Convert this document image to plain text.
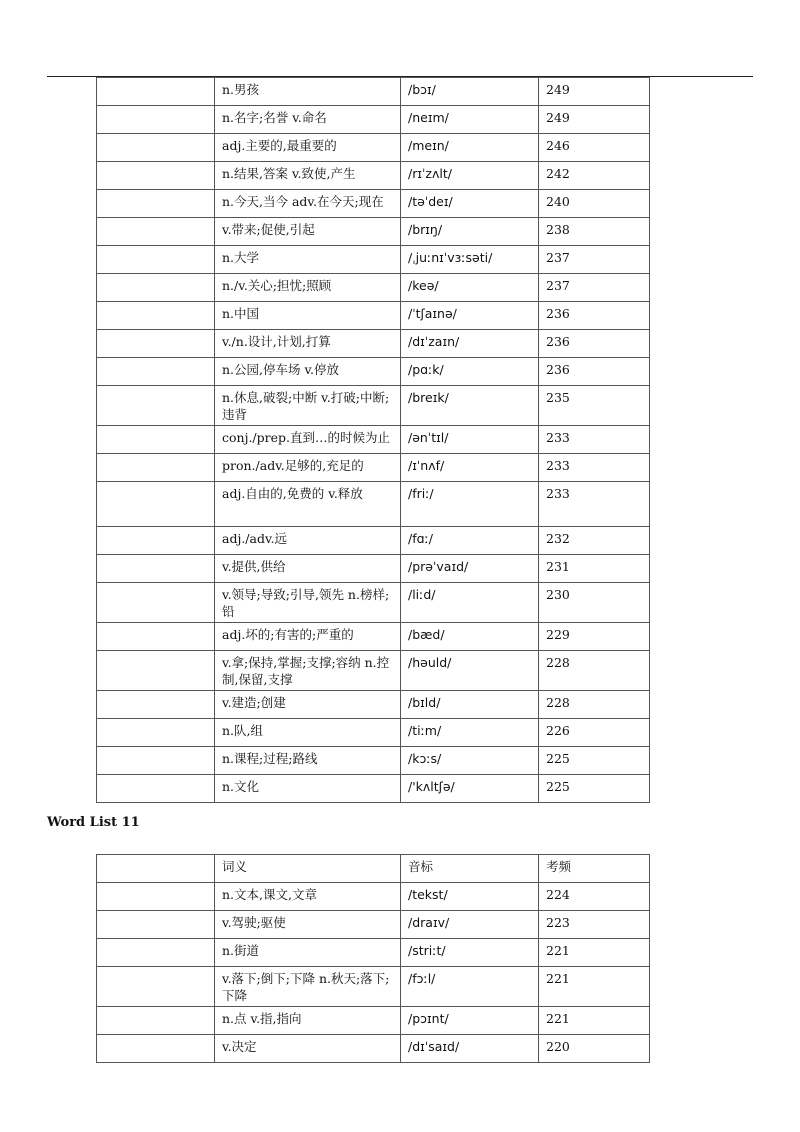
	n.男孩	/bɔɪ/	249
	n.名字;名誉 v.命名	/neɪm/	249
	adj.主要的,最重要的	/meɪn/	246
	n.结果,答案 v.致使,产生	/rɪˈzʌlt/	242
	n.今天,当今 adv.在今天;现在	/təˈdeɪ/	240
	v.带来;促使,引起	/brɪŋ/	238
	n.大学	/ˌjuːnɪˈvɜːsəti/	237
	n./v.关心;担忧;照顾	/keə/	237
	n.中国	/ˈtʃaɪnə/	236
	v./n.设计,计划,打算	/dɪˈzaɪn/	236
	n.公园,停车场 v.停放	/pɑːk/	236
	n.休息,破裂;中断 v.打破;中断;违背	/breɪk/	235
	conj./prep.直到…的时候为止	/ənˈtɪl/	233
	pron./adv.足够的,充足的	/ɪˈnʌf/	233
	adj.自由的,免费的 v.释放	/friː/	233
	adj./adv.远	/fɑː/	232
	v.提供,供给	/prəˈvaɪd/	231
	v.领导;导致;引导,领先 n.榜样;铅	/liːd/	230
	adj.坏的;有害的;严重的	/bæd/	229
	v.拿;保持,掌握;支撑;容纳 n.控制,保留,支撑	/həuld/	228
	v.建造;创建	/bɪld/	228
	n.队,组	/tiːm/	226
	n.课程;过程;路线	/kɔːs/	225
	n.文化	/'kʌltʃə/	225
Word List 11
	词义	音标	考频
	n.文本,课文,文章	/tekst/	224
	v.驾驶;驱使	/draɪv/	223
	n.街道	/striːt/	221
	v.落下;倒下;下降 n.秋天;落下;下降	/fɔːl/	221
	n.点 v.指,指向	/pɔɪnt/	221
	v.决定	/dɪˈsaɪd/	220
